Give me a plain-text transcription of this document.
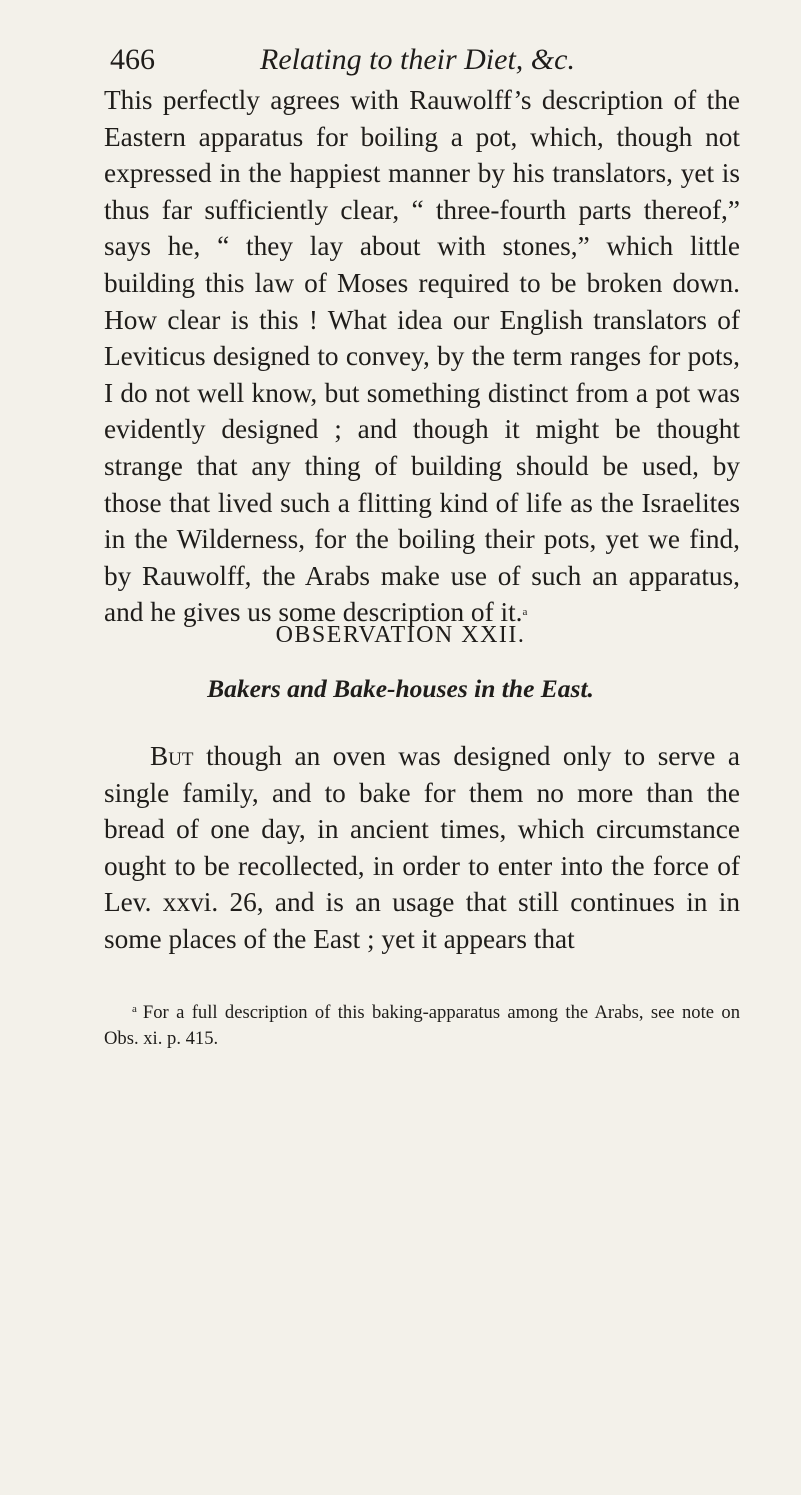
466	Relating to their Diet, &c.
This perfectly agrees with Rauwolff’s description of the Eastern apparatus for boiling a pot, which, though not expressed in the happiest manner by his translators, yet is thus far sufficiently clear, “ three-fourth parts thereof,” says he, “ they lay about with stones,” which little building this law of Moses required to be broken down. How clear is this ! What idea our English translators of Leviticus designed to convey, by the term ranges for pots, I do not well know, but something distinct from a pot was evidently designed ; and though it might be thought strange that any thing of building should be used, by those that lived such a flitting kind of life as the Israelites in the Wilderness, for the boiling their pots, yet we find, by Rauwolff, the Arabs make use of such an apparatus, and he gives us some description of it.$^a$
OBSERVATION XXII.
Bakers and Bake-houses in the East.
But though an oven was designed only to serve a single family, and to bake for them no more than the bread of one day, in ancient times, which circumstance ought to be recollected, in order to enter into the force of Lev. xxvi. 26, and is an usage that still continues in in some places of the East ; yet it appears that
$^a$ For a full description of this baking-apparatus among the Arabs, see note on Obs. xi. p. 415.
